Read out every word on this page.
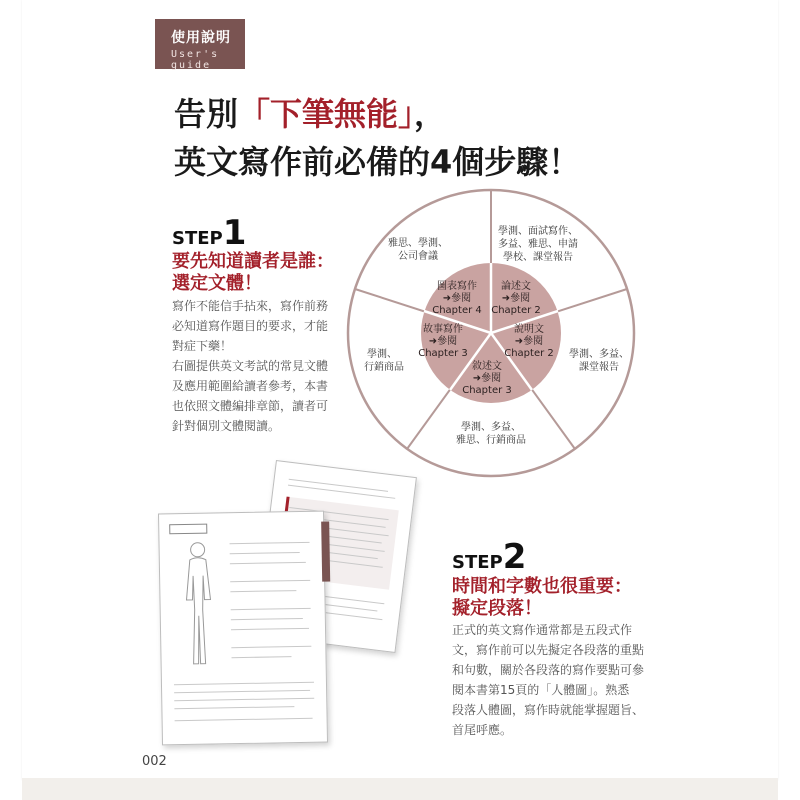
使用說明
User's guide
告別「下筆無能」，
英文寫作前必備的4個步驟！
STEP1
要先知道讀者是誰：
選定文體！
寫作不能信手拈來，寫作前務
必知道寫作題目的要求，才能
對症下藥！
右圖提供英文考試的常見文體
及應用範圍給讀者參考，本書
也依照文體編排章節，讀者可
針對個別文體閱讀。
學測、面試寫作、
多益、雅思、申請
學校、課堂報告
學測、多益、
課堂報告
學測、多益、
雅思、行銷商品
學測、
行銷商品
雅思、學測、
公司會議
論述文
➜參閱
Chapter 2
說明文
➜參閱
Chapter 2
敘述文
➜參閱
Chapter 3
故事寫作
➜參閱
Chapter 3
圖表寫作
➜參閱
Chapter 4
STEP2
時間和字數也很重要：
擬定段落！
正式的英文寫作通常都是五段式作
文，寫作前可以先擬定各段落的重點
和句數，關於各段落的寫作要點可參
閱本書第15頁的「人體圖」。熟悉
段落人體圖，寫作時就能掌握題旨、
首尾呼應。
002
